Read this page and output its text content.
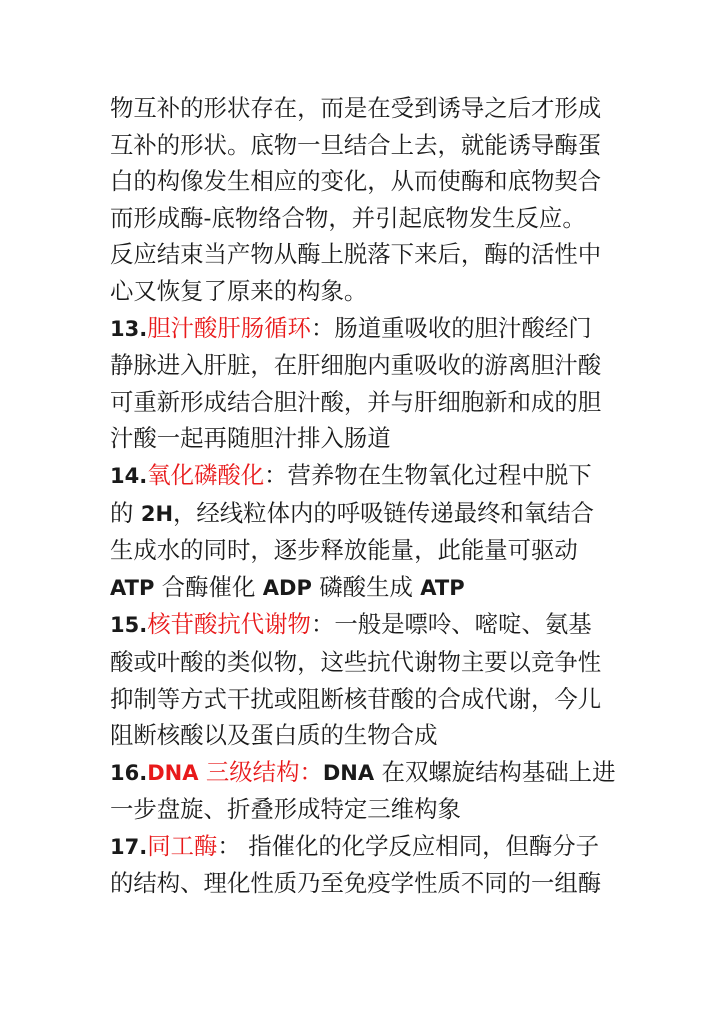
物互补的形状存在，而是在受到诱导之后才形成
互补的形状。底物一旦结合上去，就能诱导酶蛋
白的构像发生相应的变化，从而使酶和底物契合
而形成酶-底物络合物，并引起底物发生反应。
反应结束当产物从酶上脱落下来后，酶的活性中
心又恢复了原来的构象。
13.胆汁酸肝肠循环：肠道重吸收的胆汁酸经门
静脉进入肝脏，在肝细胞内重吸收的游离胆汁酸
可重新形成结合胆汁酸，并与肝细胞新和成的胆
汁酸一起再随胆汁排入肠道
14.氧化磷酸化：营养物在生物氧化过程中脱下
的 2H，经线粒体内的呼吸链传递最终和氧结合
生成水的同时，逐步释放能量，此能量可驱动
ATP 合酶催化 ADP 磷酸生成 ATP
15.核苷酸抗代谢物：一般是嘌呤、嘧啶、氨基
酸或叶酸的类似物，这些抗代谢物主要以竞争性
抑制等方式干扰或阻断核苷酸的合成代谢，今儿
阻断核酸以及蛋白质的生物合成
16.DNA 三级结构：DNA 在双螺旋结构基础上进
一步盘旋、折叠形成特定三维构象
17.同工酶： 指催化的化学反应相同，但酶分子
的结构、理化性质乃至免疫学性质不同的一组酶
